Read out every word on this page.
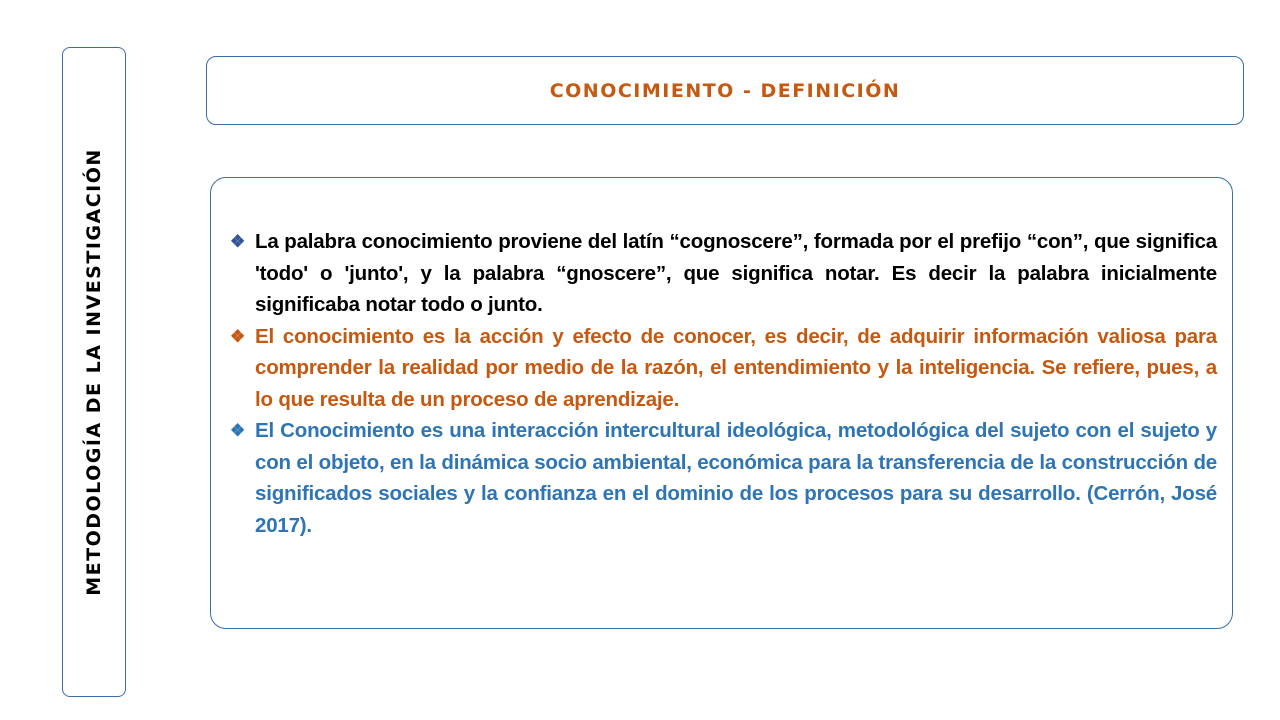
METODOLOGÍA DE LA INVESTIGACIÓN
CONOCIMIENTO - DEFINICIÓN
❖ La palabra conocimiento proviene del latín “cognoscere”, formada por el prefijo “con”, que significa 'todo' o 'junto', y la palabra “gnoscere”, que significa notar. Es decir la palabra inicialmente significaba notar todo o junto.
❖ El conocimiento es la acción y efecto de conocer, es decir, de adquirir información valiosa para comprender la realidad por medio de la razón, el entendimiento y la inteligencia. Se refiere, pues, a lo que resulta de un proceso de aprendizaje.
❖ El Conocimiento es una interacción intercultural ideológica, metodológica del sujeto con el sujeto y con el objeto, en la dinámica socio ambiental, económica para la transferencia de la construcción de significados sociales y la confianza en el dominio de los procesos para su desarrollo. (Cerrón, José 2017).
